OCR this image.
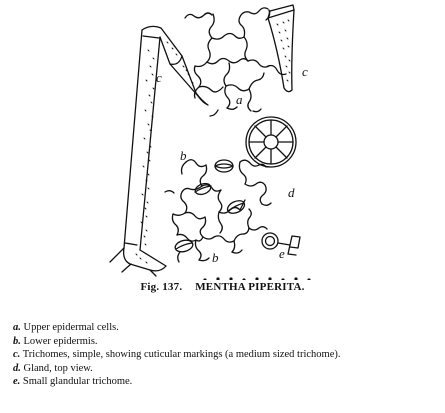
c	c
a
b
d
b	e
Fig. 137. MENTHA PIPERITA.
a. Upper epidermal cells.
b. Lower epidermis.
c. Trichomes, simple, showing cuticular markings (a medium sized trichome).
d. Gland, top view.
e. Small glandular trichome.
